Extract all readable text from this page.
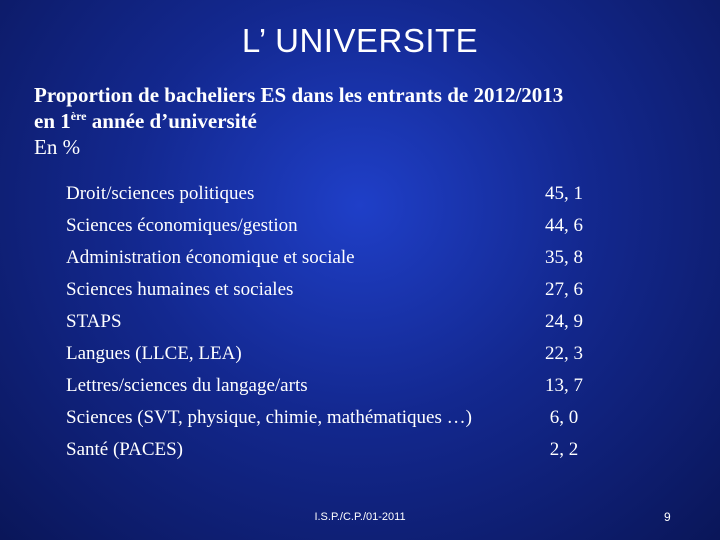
L’ UNIVERSITE
Proportion de bacheliers ES dans les entrants de 2012/2013
en 1ère année d’université
En %
Droit/sciences politiques	45, 1
Sciences économiques/gestion	44, 6
Administration économique et sociale	35, 8
Sciences humaines et sociales	27, 6
STAPS	24, 9
Langues (LLCE, LEA)	22, 3
Lettres/sciences du langage/arts	13, 7
Sciences (SVT, physique, chimie, mathématiques …)	6, 0
Santé (PACES)	2, 2
I.S.P./C.P./01-2011	9
